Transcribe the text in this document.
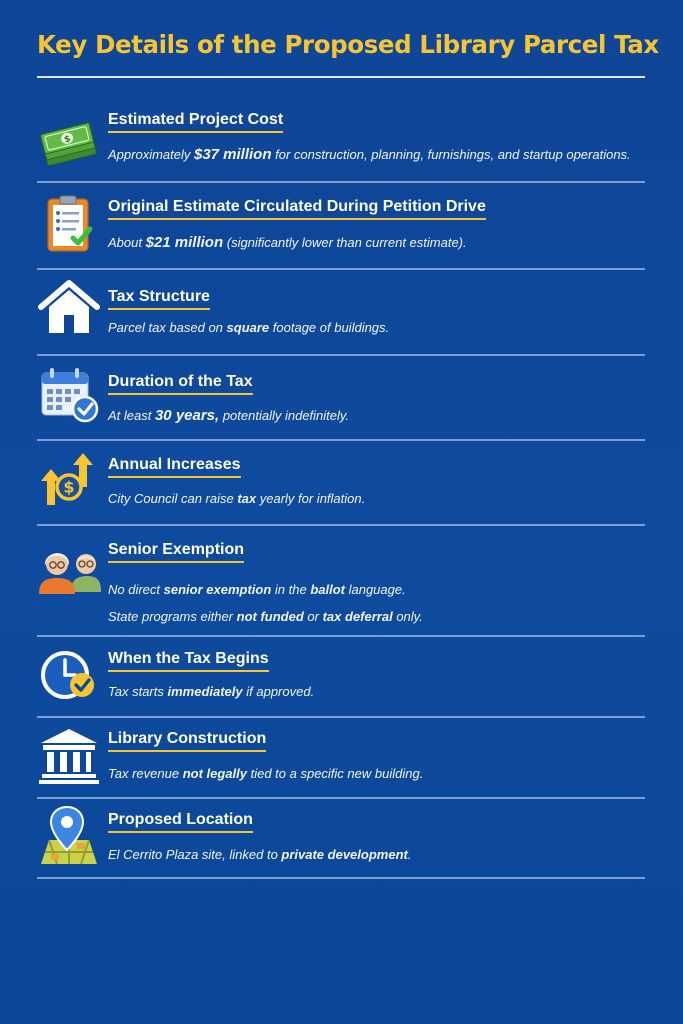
Key Details of the Proposed Library Parcel Tax
$
Estimated Project Cost
Approximately $37 million for construction, planning, furnishings, and startup operations.
Original Estimate Circulated During Petition Drive
About $21 million (significantly lower than current estimate).
Tax Structure
Parcel tax based on square footage of buildings.
Duration of the Tax
At least 30 years, potentially indefinitely.
$
Annual Increases
City Council can raise tax yearly for inflation.
Senior Exemption
No direct senior exemption in the ballot language.
State programs either not funded or tax deferral only.
When the Tax Begins
Tax starts immediately if approved.
Library Construction
Tax revenue not legally tied to a specific new building.
Proposed Location
El Cerrito Plaza site, linked to private development.
